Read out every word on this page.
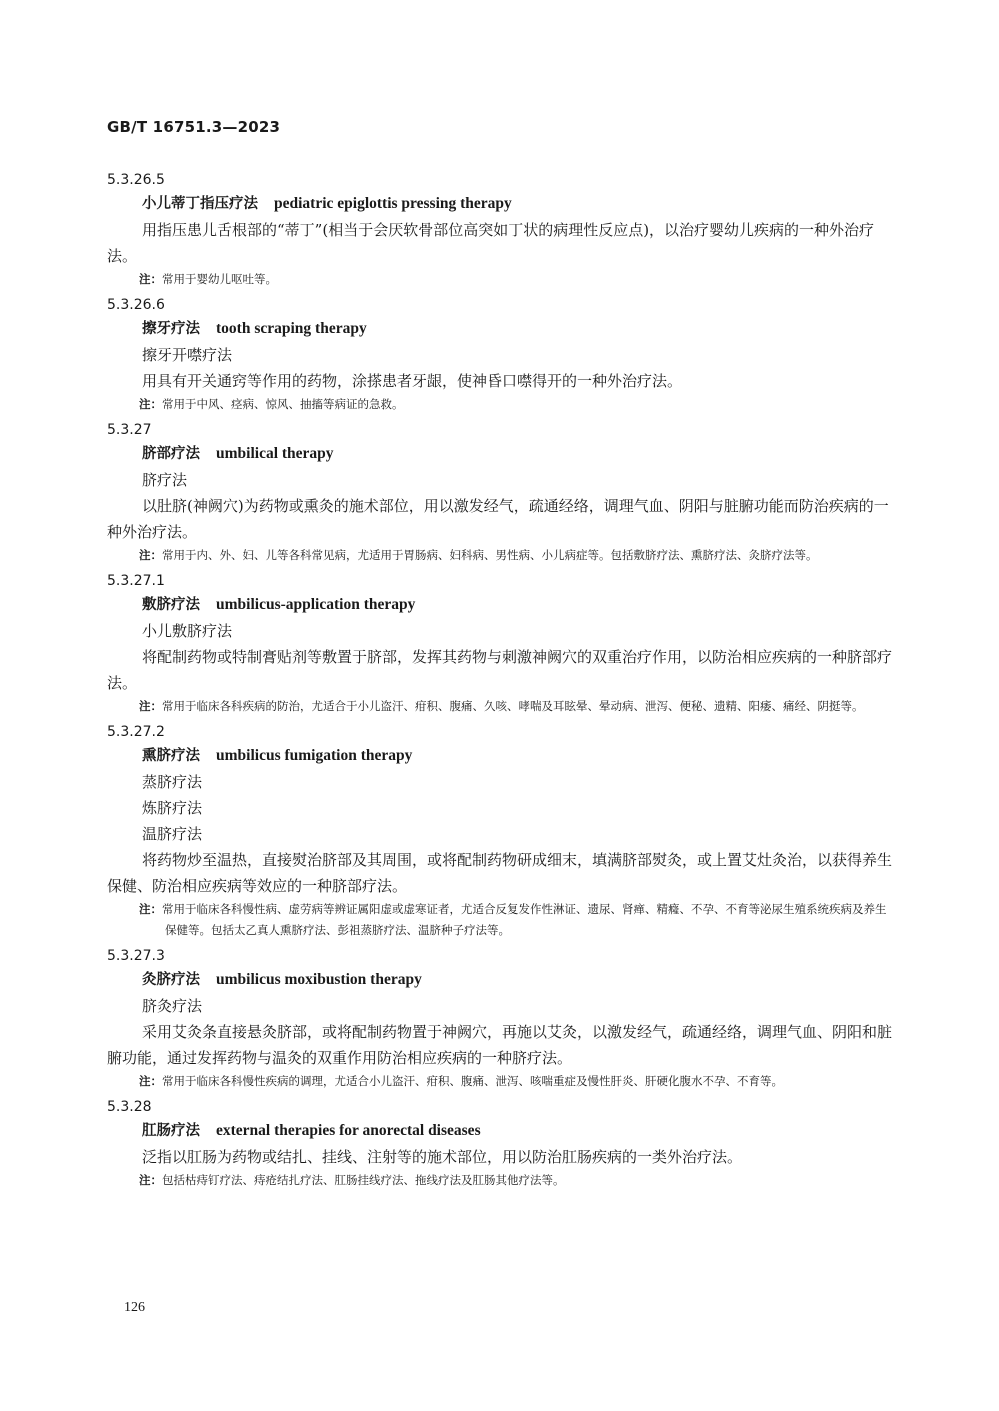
GB/T 16751.3—2023
5.3.26.5
小儿蒂丁指压疗法 pediatric epiglottis pressing therapy
用指压患儿舌根部的“蒂丁”(相当于会厌软骨部位高突如丁状的病理性反应点)，以治疗婴幼儿疾病的一种外治疗法。
注：常用于婴幼儿呕吐等。
5.3.26.6
擦牙疗法 tooth scraping therapy
擦牙开噤疗法
用具有开关通窍等作用的药物，涂搽患者牙龈，使神昏口噤得开的一种外治疗法。
注：常用于中风、痉病、惊风、抽搐等病证的急救。
5.3.27
脐部疗法 umbilical therapy
脐疗法
以肚脐(神阙穴)为药物或熏灸的施术部位，用以激发经气，疏通经络，调理气血、阴阳与脏腑功能而防治疾病的一种外治疗法。
注：常用于内、外、妇、儿等各科常见病，尤适用于胃肠病、妇科病、男性病、小儿病症等。包括敷脐疗法、熏脐疗法、灸脐疗法等。
5.3.27.1
敷脐疗法 umbilicus-application therapy
小儿敷脐疗法
将配制药物或特制膏贴剂等敷置于脐部，发挥其药物与刺激神阙穴的双重治疗作用，以防治相应疾病的一种脐部疗法。
注：常用于临床各科疾病的防治，尤适合于小儿盗汗、疳积、腹痛、久咳、哮喘及耳眩晕、晕动病、泄泻、便秘、遗精、阳痿、痛经、阴挺等。
5.3.27.2
熏脐疗法 umbilicus fumigation therapy
蒸脐疗法
炼脐疗法
温脐疗法
将药物炒至温热，直接熨治脐部及其周围，或将配制药物研成细末，填满脐部熨灸，或上置艾灶灸治，以获得养生保健、防治相应疾病等效应的一种脐部疗法。
注：常用于临床各科慢性病、虚劳病等辨证属阳虚或虚寒证者，尤适合反复发作性淋证、遗尿、肾瘅、精癃、不孕、不育等泌尿生殖系统疾病及养生保健等。包括太乙真人熏脐疗法、彭祖蒸脐疗法、温脐种子疗法等。
5.3.27.3
灸脐疗法 umbilicus moxibustion therapy
脐灸疗法
采用艾灸条直接悬灸脐部，或将配制药物置于神阙穴，再施以艾灸，以激发经气，疏通经络，调理气血、阴阳和脏腑功能，通过发挥药物与温灸的双重作用防治相应疾病的一种脐疗法。
注：常用于临床各科慢性疾病的调理，尤适合小儿盗汗、疳积、腹痛、泄泻、咳喘重症及慢性肝炎、肝硬化腹水不孕、不育等。
5.3.28
肛肠疗法 external therapies for anorectal diseases
泛指以肛肠为药物或结扎、挂线、注射等的施术部位，用以防治肛肠疾病的一类外治疗法。
注：包括枯痔钉疗法、痔疮结扎疗法、肛肠挂线疗法、拖线疗法及肛肠其他疗法等。
126
